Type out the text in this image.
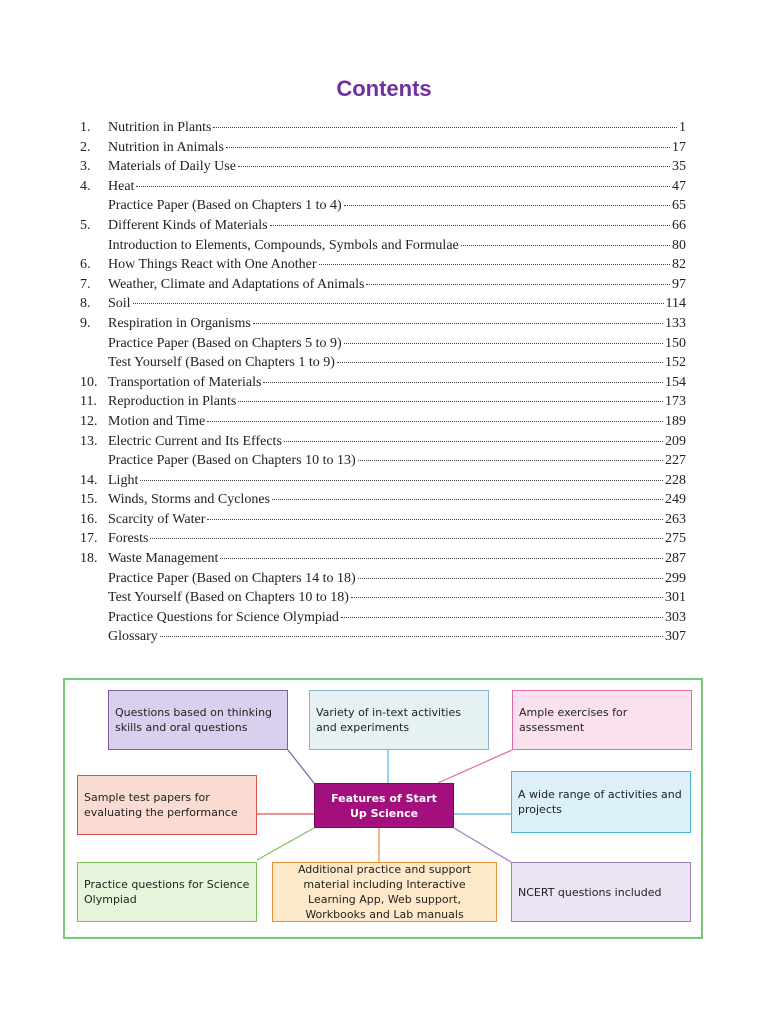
Contents
1.	Nutrition in Plants	1
2.	Nutrition in Animals	17
3.	Materials of Daily Use	35
4.	Heat	47
Practice Paper (Based on Chapters 1 to 4)	65
5.	Different Kinds of Materials	66
Introduction to Elements, Compounds, Symbols and Formulae	80
6.	How Things React with One Another	82
7.	Weather, Climate and Adaptations of Animals	97
8.	Soil	114
9.	Respiration in Organisms	133
Practice Paper (Based on Chapters 5 to 9)	150
Test Yourself (Based on Chapters 1 to 9)	152
10. Transportation of Materials	154
11. Reproduction in Plants	173
12. Motion and Time	189
13. Electric Current and Its Effects	209
Practice Paper (Based on Chapters 10 to 13)	227
14. Light	228
15. Winds, Storms and Cyclones	249
16. Scarcity of Water	263
17. Forests	275
18. Waste Management	287
Practice Paper (Based on Chapters 14 to 18)	299
Test Yourself (Based on Chapters 10 to 18)	301
Practice Questions for Science Olympiad	303
Glossary	307
Features of Start Up Science
Questions based on thinking skills and oral questions
Variety of in-text activities and experiments
Ample exercises for assessment
Sample test papers for evaluating the performance
A wide range of activities and projects
Practice questions for Science Olympiad
Additional practice and support material including Interactive Learning App, Web support, Workbooks and Lab manuals
NCERT questions included
